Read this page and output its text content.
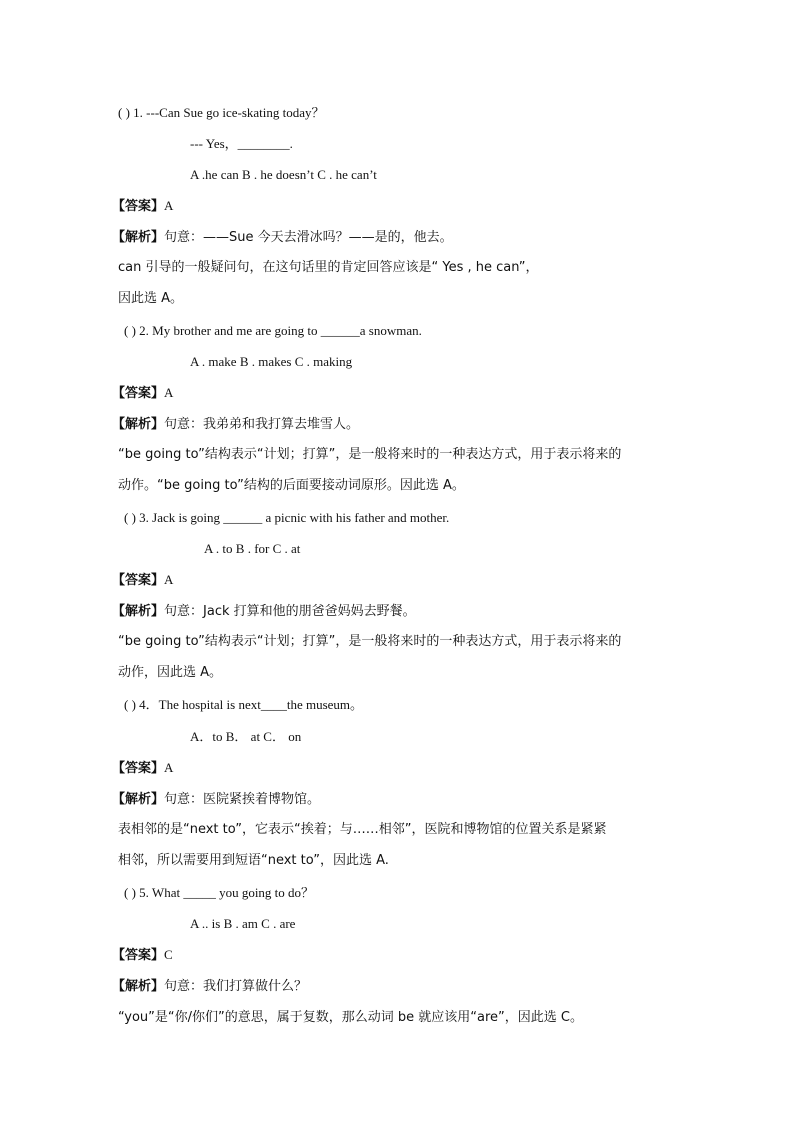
( ) 1. ---Can Sue go ice-skating today？
--- Yes，________.
A .he can B . he doesn’t C . he can’t
【答案】A
【解析】句意：——Sue 今天去滑冰吗？——是的，他去。
can 引导的一般疑问句，在这句话里的肯定回答应该是“ Yes , he can”，
因此选 A。
( ) 2. My brother and me are going to ______a snowman.
A . make B . makes C . making
【答案】A
【解析】句意：我弟弟和我打算去堆雪人。
“be going to”结构表示“计划；打算”，是一般将来时的一种表达方式，用于表示将来的
动作。“be going to”结构的后面要接动词原形。因此选 A。
( ) 3. Jack is going ______ a picnic with his father and mother.
A . to B . for C . at
【答案】A
【解析】句意：Jack 打算和他的朋爸爸妈妈去野餐。
“be going to”结构表示“计划；打算”，是一般将来时的一种表达方式，用于表示将来的
动作，因此选 A。
( ) 4．The hospital is next____the museum。
A．to B． at C． on
【答案】A
【解析】句意：医院紧挨着博物馆。
表相邻的是“next to”，它表示“挨着；与……相邻”，医院和博物馆的位置关系是紧紧
相邻，所以需要用到短语“next to”，因此选 A.
( ) 5. What _____ you going to do？
A .. is B . am C . are
【答案】C
【解析】句意：我们打算做什么？
“you”是“你/你们”的意思，属于复数，那么动词 be 就应该用“are”，因此选 C。
